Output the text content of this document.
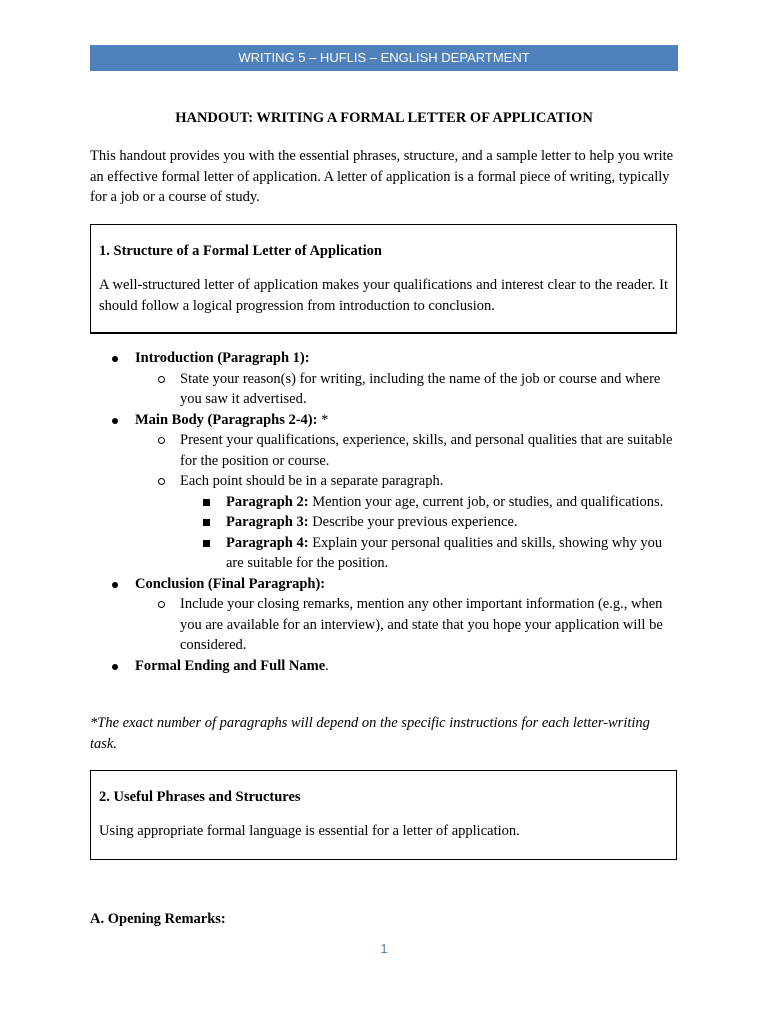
WRITING 5 – HUFLIS – ENGLISH DEPARTMENT
HANDOUT: WRITING A FORMAL LETTER OF APPLICATION
This handout provides you with the essential phrases, structure, and a sample letter to help you write an effective formal letter of application. A letter of application is a formal piece of writing, typically for a job or a course of study.
1. Structure of a Formal Letter of Application
A well-structured letter of application makes your qualifications and interest clear to the reader. It should follow a logical progression from introduction to conclusion.
Introduction (Paragraph 1):
State your reason(s) for writing, including the name of the job or course and where you saw it advertised.
Main Body (Paragraphs 2-4): *
Present your qualifications, experience, skills, and personal qualities that are suitable for the position or course.
Each point should be in a separate paragraph.
Paragraph 2: Mention your age, current job, or studies, and qualifications.
Paragraph 3: Describe your previous experience.
Paragraph 4: Explain your personal qualities and skills, showing why you are suitable for the position.
Conclusion (Final Paragraph):
Include your closing remarks, mention any other important information (e.g., when you are available for an interview), and state that you hope your application will be considered.
Formal Ending and Full Name.
*The exact number of paragraphs will depend on the specific instructions for each letter-writing task.
2. Useful Phrases and Structures
Using appropriate formal language is essential for a letter of application.
A. Opening Remarks:
1
